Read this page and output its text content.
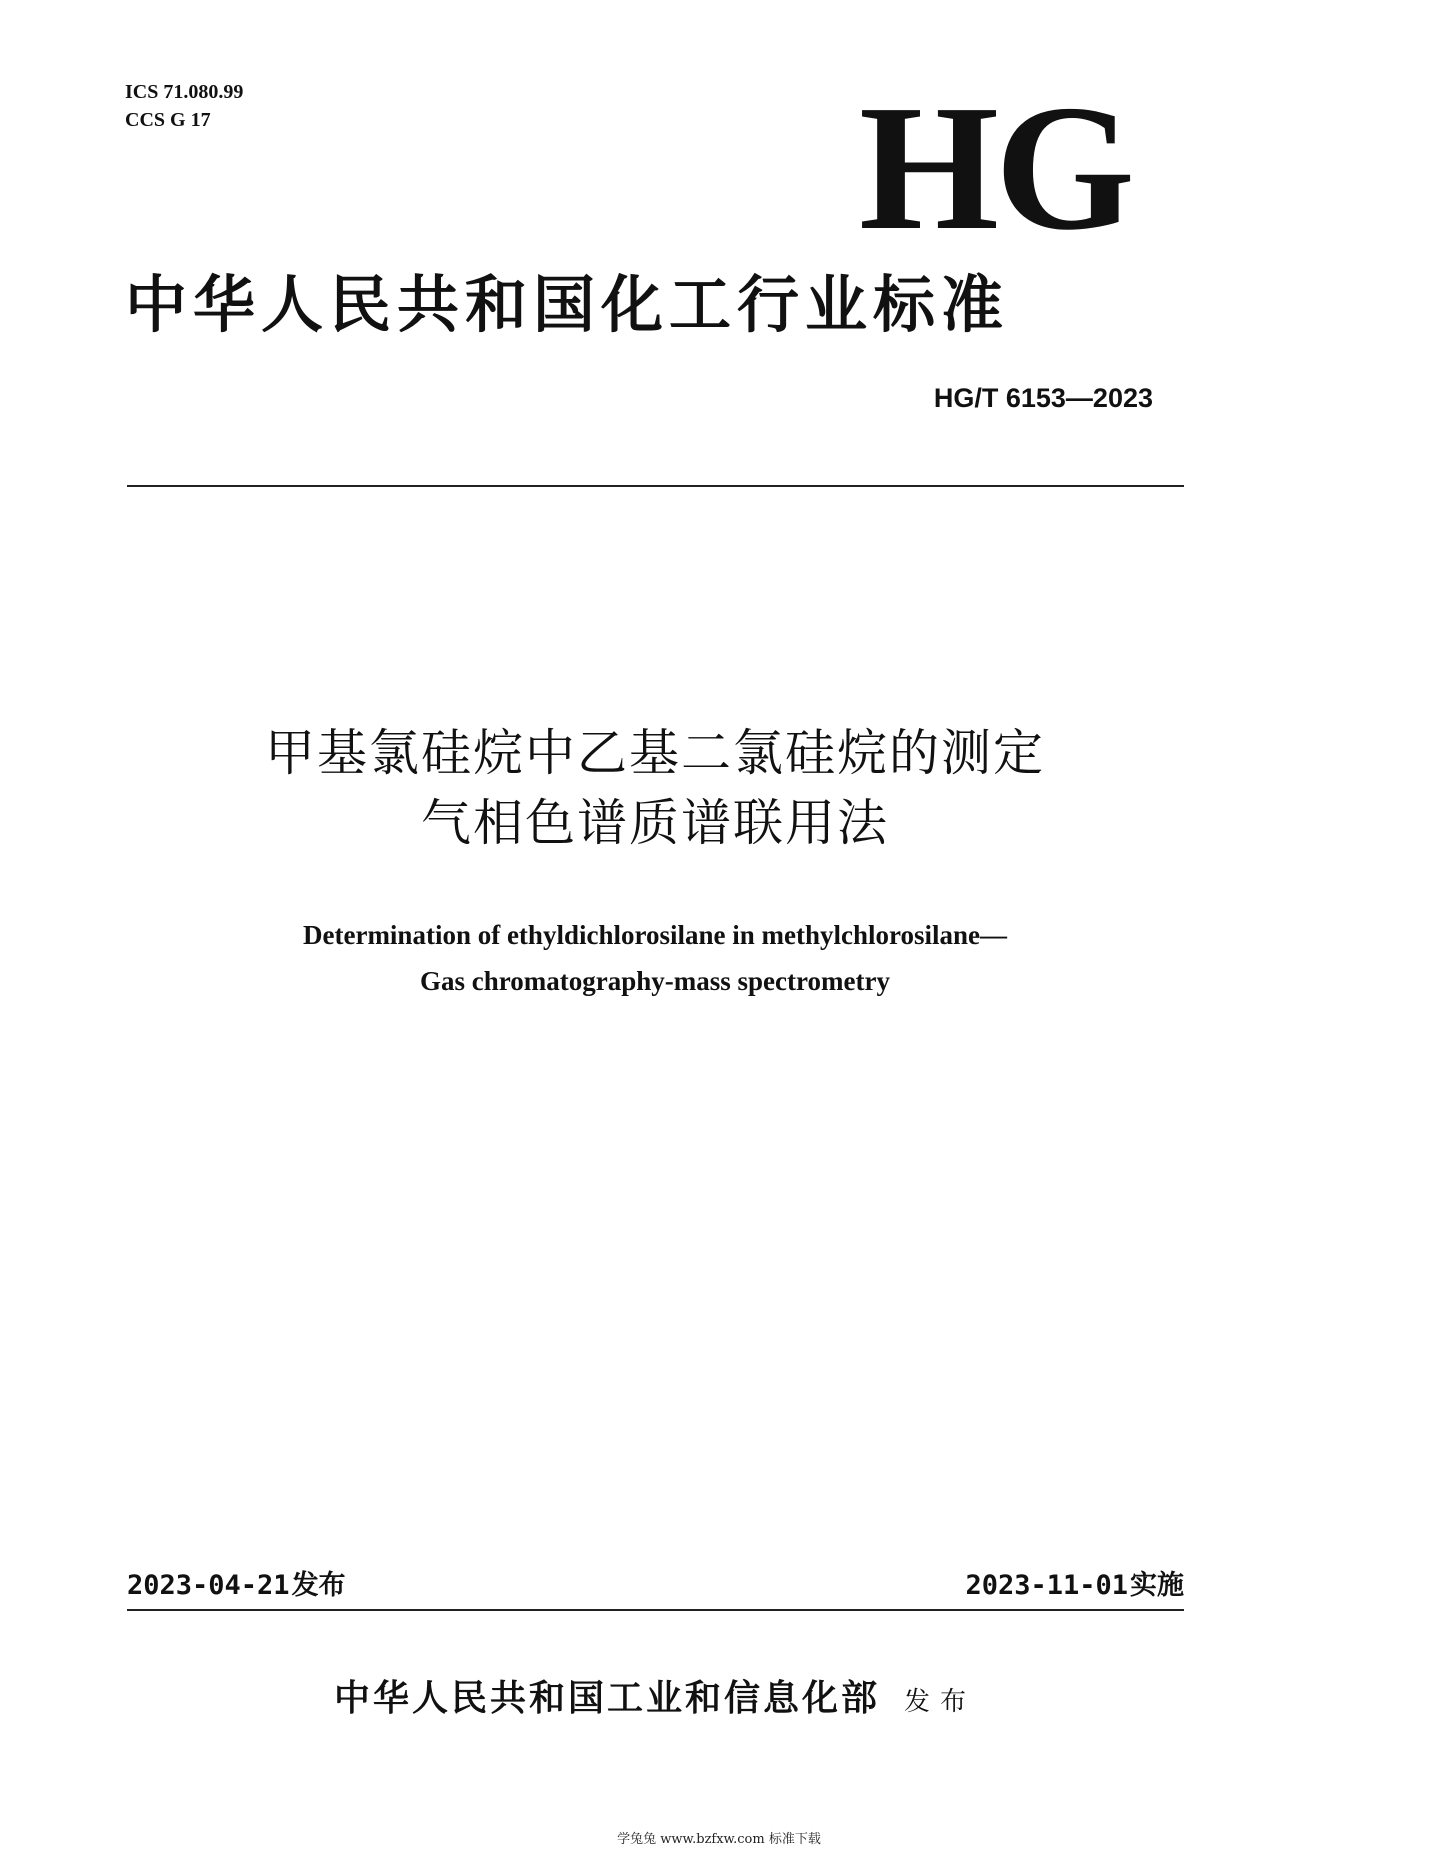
ICS 71.080.99
CCS G 17	HG
中华人民共和国化工行业标准
HG/T 6153—2023
甲基氯硅烷中乙基二氯硅烷的测定
气相色谱质谱联用法
Determination of ethyldichlorosilane in methylchlorosilane—
Gas chromatography-mass spectrometry
2023-04-21发布	2023-11-01实施
中华人民共和国工业和信息化部 发布
学兔兔 www.bzfxw.com 标准下载
